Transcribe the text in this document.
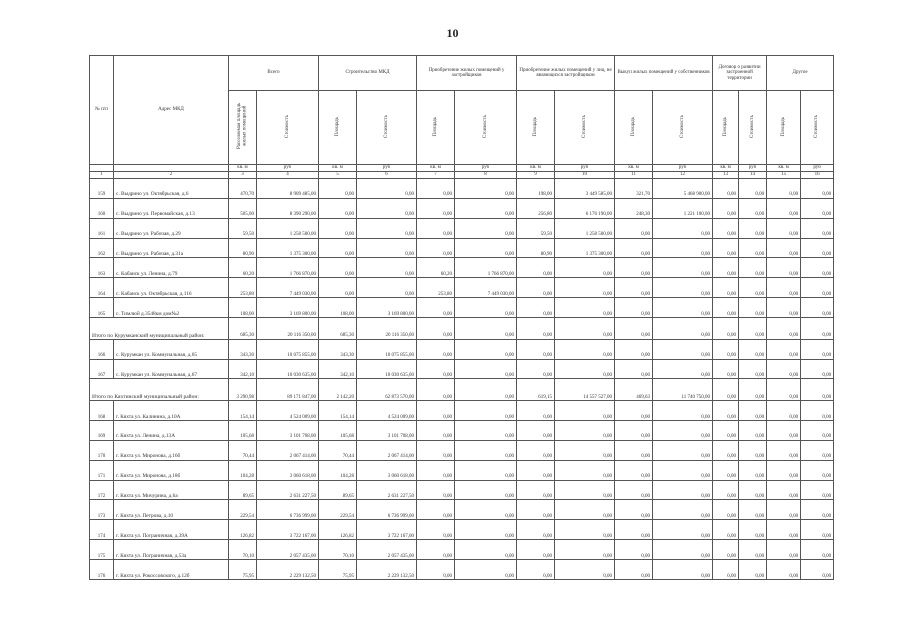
10
№ п/п	Адрес МКД	Всего		Строительство МКД		Приобретение жилых помещений у застройщиков		Приобретение жилых помещений у лиц, не являющихся застройщиком		Выкуп жилых помещений у собственников		Договор о развитии застроенной территории		Другое	
		Расселяемая площадь жилых помещений	Стоимость	Площадь	Стоимость	Площадь	Стоимость	Площадь	Стоимость	Площадь	Стоимость	Площадь	Стоимость	Площадь	Стоимость
		кв. м	руб	кв. м	руб	кв. м	руб	кв. м	руб	кв. м	руб	кв. м	руб	кв. м	руб
1	2	3	4	5	6	7	8	9	10	11	12	13	14	15	16
159	с. Выдрино ул. Октябрьская, д.6	470,70	8 909 485,00	0,00	0,00	0,00	0,00	198,00	3 449 585,00	321,70	5 468 900,00	0,00	0,00	0,00	0,00
160	с. Выдрино ул. Первомайская, д.13	505,00	8 390 290,00	0,00	0,00	0,00	0,00	256,80	6 176 190,00	248,30	1 221 100,00	0,00	0,00	0,00	0,00
161	с. Выдрино ул. Рабочая, д.29	59,50	1 258 500,00	0,00	0,00	0,00	0,00	59,50	1 258 500,00	0,00	0,00	0,00	0,00	0,00	0,00
162	с. Выдрино ул. Рабочая, д.31а	80,90	1 375 300,00	0,00	0,00	0,00	0,00	80,90	1 375 300,00	0,00	0,00	0,00	0,00	0,00	0,00
163	с. Кабанск ул. Ленина, д.79	60,20	1 766 870,00	0,00	0,00	60,20	1 766 870,00	0,00	0,00	0,00	0,00	0,00	0,00	0,00	0,00
164	с. Кабанск ул. Октябрьская, д.116	253,80	7 449 030,00	0,00	0,00	253,80	7 449 030,00	0,00	0,00	0,00	0,00	0,00	0,00	0,00	0,00
165	с. Тимлюй д.3548км дом№2	108,00	3 169 800,00	108,00	3 169 800,00	0,00	0,00	0,00	0,00	0,00	0,00	0,00	0,00	0,00	0,00
Итого по Курумканский муниципальный район:		685,30	20 116 350,00	685,30	20 116 350,00	0,00	0,00	0,00	0,00	0,00	0,00	0,00	0,00	0,00	0,00
166	с. Курумкан ул. Коммунальная, д.65	343,30	10 075 855,00	343,30	10 075 855,00	0,00	0,00	0,00	0,00	0,00	0,00	0,00	0,00	0,00	0,00
167	с. Курумкан ул. Коммунальная, д.67	342,10	10 030 635,00	342,10	10 030 635,00	0,00	0,00	0,00	0,00	0,00	0,00	0,00	0,00	0,00	0,00
Итого по Кяхтинский муниципальный район:		3 290,98	89 171 847,00	2 142,20	62 873 570,00	0,00	0,00	619,15	14 557 527,00	469,63	11 740 750,00	0,00	0,00	0,00	0,00
168	г. Кяхта ул. Калинина, д.10А	154,14	4 524 009,00	154,14	4 524 009,00	0,00	0,00	0,00	0,00	0,00	0,00	0,00	0,00	0,00	0,00
169	г. Кяхта ул. Ленина, д.13А	105,68	3 101 708,00	105,68	3 101 708,00	0,00	0,00	0,00	0,00	0,00	0,00	0,00	0,00	0,00	0,00
170	г. Кяхта ул. Миронова, д.16б	70,44	2 067 414,00	70,44	2 067 414,00	0,00	0,00	0,00	0,00	0,00	0,00	0,00	0,00	0,00	0,00
171	г. Кяхта ул. Миронова, д.18б	104,28	3 060 618,00	104,28	3 060 618,00	0,00	0,00	0,00	0,00	0,00	0,00	0,00	0,00	0,00	0,00
172	г. Кяхта ул. Мичурина, д.6а	89,65	2 631 227,50	89,65	2 631 227,50	0,00	0,00	0,00	0,00	0,00	0,00	0,00	0,00	0,00	0,00
173	г. Кяхта ул. Петрова, д.10	229,54	6 736 999,00	229,54	6 736 999,00	0,00	0,00	0,00	0,00	0,00	0,00	0,00	0,00	0,00	0,00
174	г. Кяхта ул. Пограничная, д.39А	126,82	3 722 167,00	126,82	3 722 167,00	0,00	0,00	0,00	0,00	0,00	0,00	0,00	0,00	0,00	0,00
175	г. Кяхта ул. Пограничная, д.53а	70,10	2 057 435,00	70,10	2 057 435,00	0,00	0,00	0,00	0,00	0,00	0,00	0,00	0,00	0,00	0,00
176	г. Кяхта ул. Рокоссовского, д.12б	75,95	2 229 132,50	75,95	2 229 132,50	0,00	0,00	0,00	0,00	0,00	0,00	0,00	0,00	0,00	0,00
